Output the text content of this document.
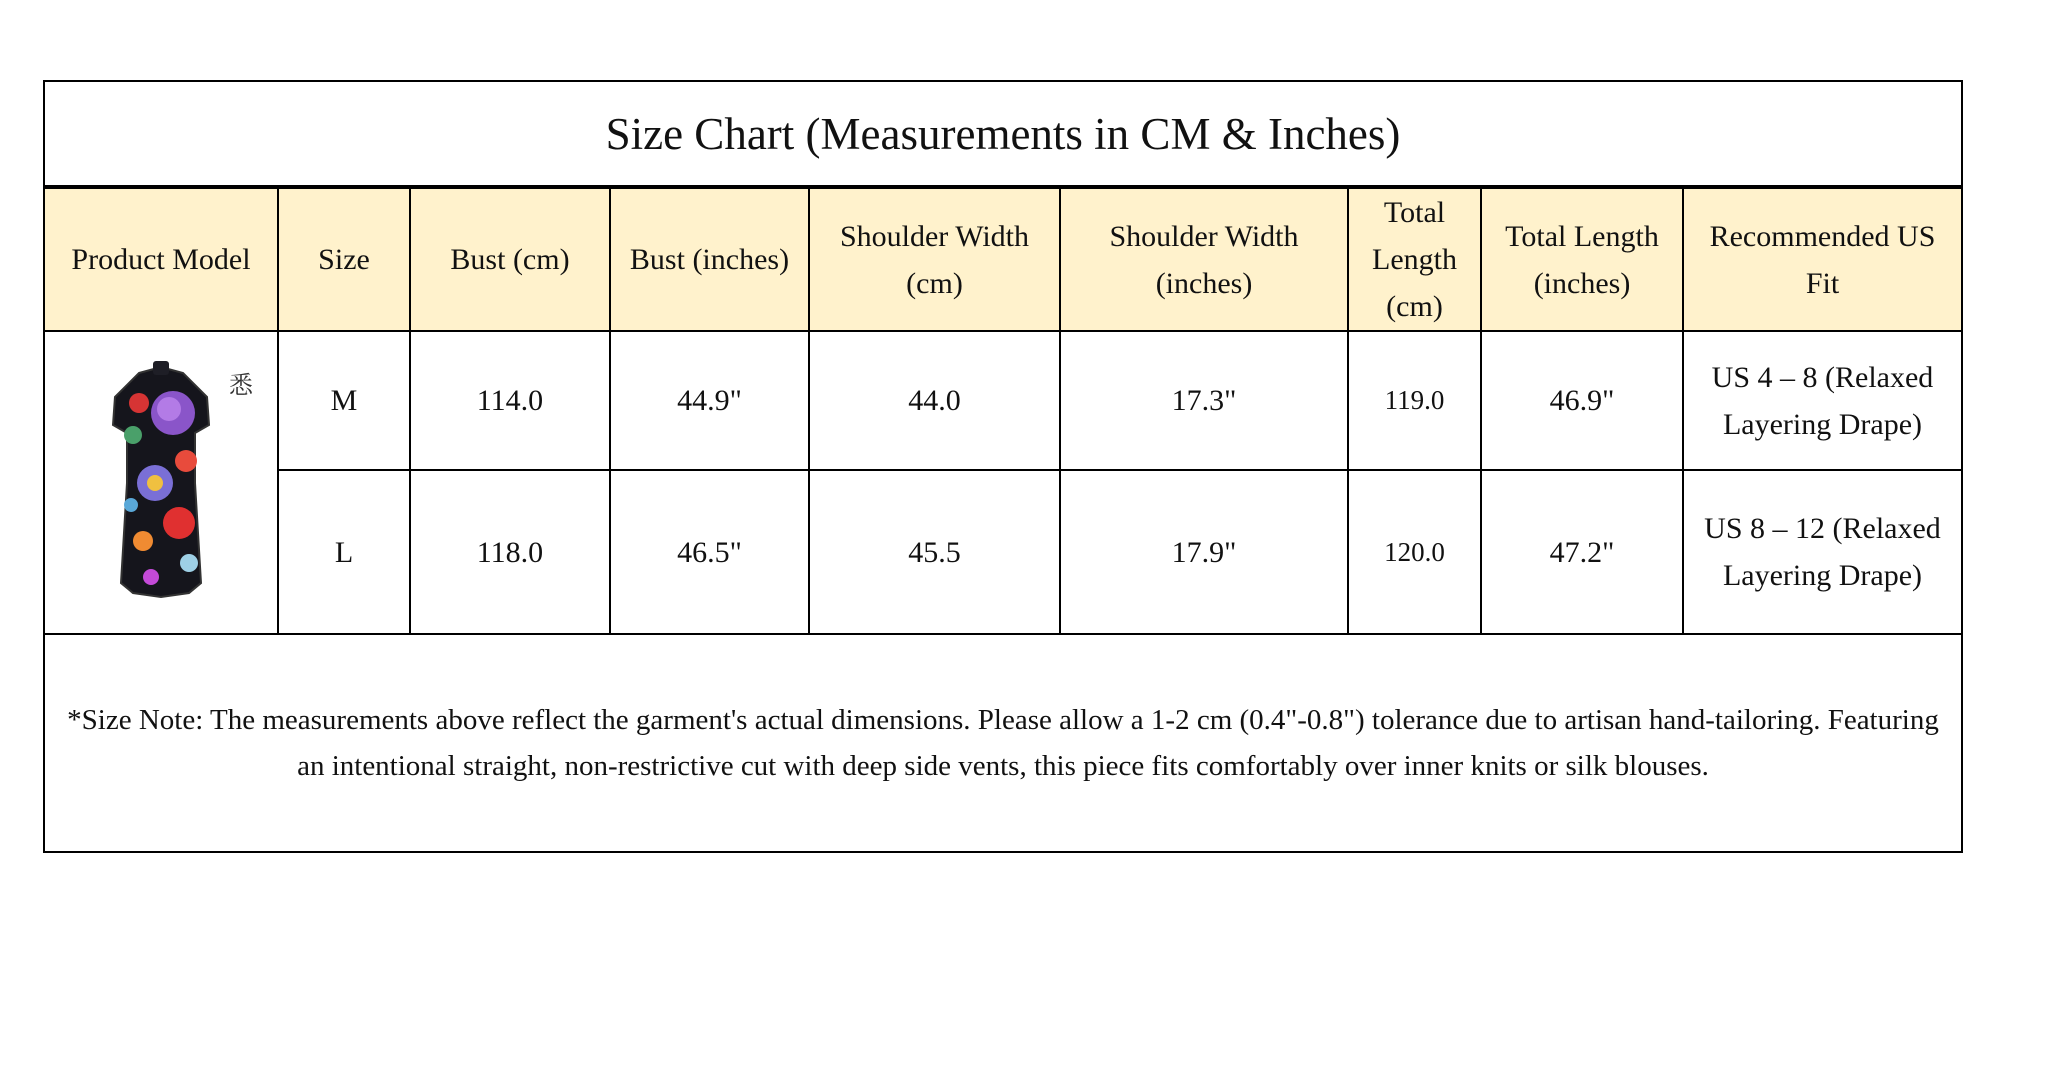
Size Chart (Measurements in CM & Inches)
Product Model	Size	Bust (cm)	Bust (inches)	Shoulder Width (cm)	Shoulder Width (inches)	Total Length (cm)	Total Length (inches)	Recommended US Fit

悉	M	114.0	44.9"	44.0	17.3"	119.0	46.9"	US 4 – 8 (Relaxed Layering Drape)
	L	118.0	46.5"	45.5	17.9"	120.0	47.2"	US 8 – 12 (Relaxed Layering Drape)
*Size Note: The measurements above reflect the garment's actual dimensions. Please allow a 1-2 cm (0.4"-0.8") tolerance due to artisan hand-tailoring. Featuring an intentional straight, non-restrictive cut with deep side vents, this piece fits comfortably over inner knits or silk blouses.
